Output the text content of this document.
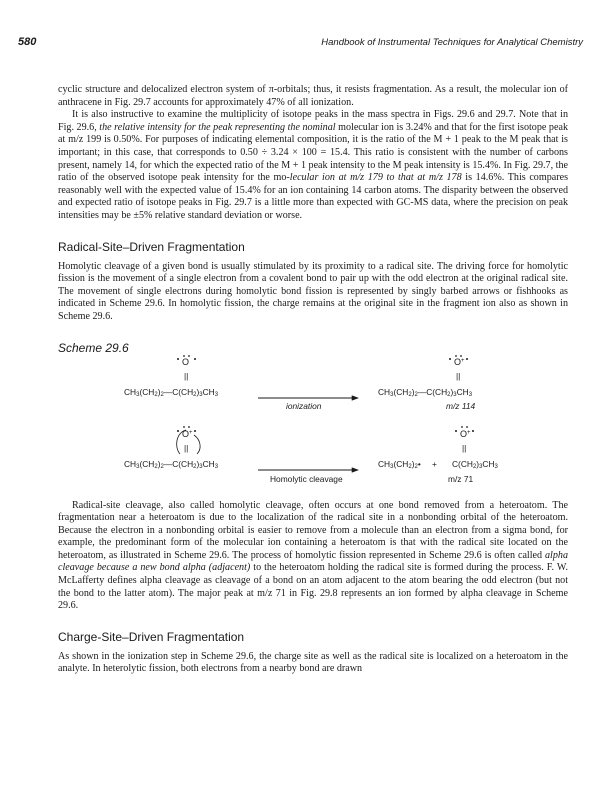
580	Handbook of Instrumental Techniques for Analytical Chemistry

cyclic structure and delocalized electron system of π-orbitals; thus, it resists fragmentation. As a result, the molecular ion of anthracene in Fig. 29.7 accounts for approximately 47% of all ionization.

It is also instructive to examine the multiplicity of isotope peaks in the mass spectra in Figs. 29.6 and 29.7. Note that in Fig. 29.6, the relative intensity for the peak representing the nominal molecular ion is 3.24% and that for the first isotope peak at m/z 199 is 0.50%. For purposes of indicating elemental composition, it is the ratio of the M + 1 peak to the M peak that is important; in this case, that corresponds to 0.50 ÷ 3.24 × 100 = 15.4. This ratio is consistent with the number of carbons present, namely 14, for which the expected ratio of the M + 1 peak intensity to the M peak intensity is 15.4%. In Fig. 29.7, the ratio of the observed isotope peak intensity for the mo-lecular ion at m/z 179 to that at m/z 178 is 14.6%. This compares reasonably well with the expected value of 15.4% for an ion containing 14 carbon atoms. The disparity between the observed and expected ratio of isotope peaks in Fig. 29.7 is a little more than expected with GC-MS data, where the precision on peak intensities may be ±5% relative standard deviation or worse.

Radical-Site–Driven Fragmentation

Homolytic cleavage of a given bond is usually stimulated by its proximity to a radical site. The driving force for homolytic fission is the movement of a single electron from a covalent bond to pair up with the odd electron at the original radical site. The movement of single electrons during homolytic bond fission is represented by singly barbed arrows or fishhooks as indicated in Scheme 29.6. In homolytic fission, the charge remains at the original site in the fragment ion also as shown in Scheme 29.6.

Scheme 29.6
O
||
$CH_3(CH_2)_2—C(CH_2)_3CH_3$
O+
||
$CH_3(CH_2)_2—C(CH_2)_3CH_3$
ionization	m/z 114
O+
||
$CH_3(CH_2)_2—C(CH_2)_3CH_3$
O+
||
$CH_3(CH_2)_2• + C(CH_2)_3CH_3$
Homolytic cleavage	m/z 71

Radical-site cleavage, also called homolytic cleavage, often occurs at one bond removed from a heteroatom. The fragmentation near a heteroatom is due to the localization of the radical site in a nonbonding orbital of the heteroatom. Because the electron in a nonbonding orbital is easier to remove from a molecule than an electron from a sigma bond, for example, the predominant form of the molecular ion containing a heteroatom is that with the radical site located on the heteroatom, as illustrated in Scheme 29.6. The process of homolytic fission represented in Scheme 29.6 is often called alpha cleavage because a new bond alpha (adjacent) to the heteroatom holding the radical site is formed during the process. F. W. McLafferty defines alpha cleavage as cleavage of a bond on an atom adjacent to the atom bearing the odd electron (but not the bond to the latter atom). The major peak at m/z 71 in Fig. 29.8 represents an ion formed by alpha cleavage in Scheme 29.6.

Charge-Site–Driven Fragmentation

As shown in the ionization step in Scheme 29.6, the charge site as well as the radical site is localized on a heteroatom in the analyte. In heterolytic fission, both electrons from a nearby bond are drawn
